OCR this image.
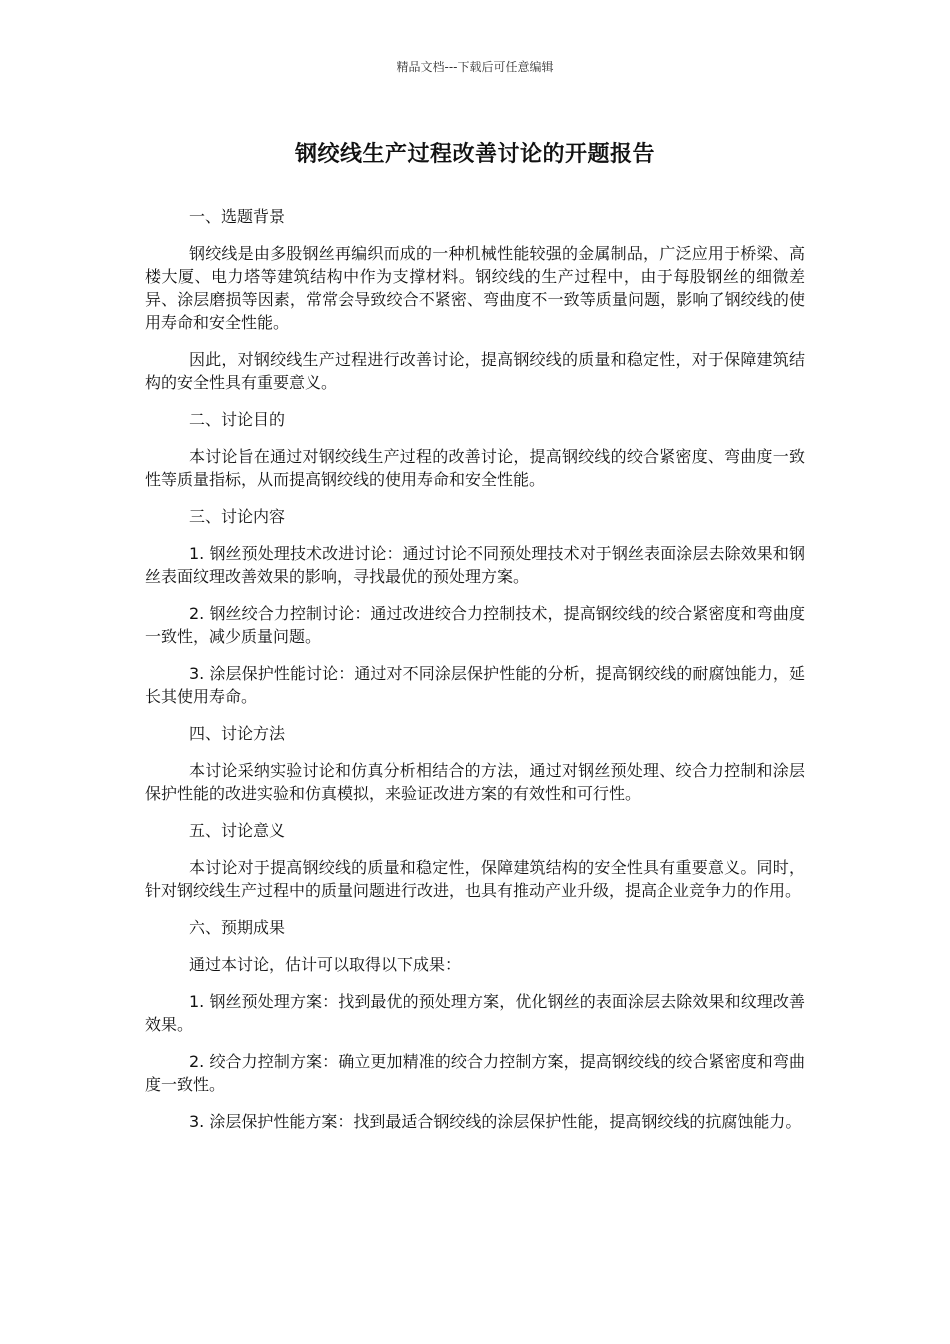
精品文档---下载后可任意编辑
钢绞线生产过程改善讨论的开题报告

一、选题背景

钢绞线是由多股钢丝再编织而成的一种机械性能较强的金属制品，广泛应用于桥梁、高楼大厦、电力塔等建筑结构中作为支撑材料。钢绞线的生产过程中，由于每股钢丝的细微差异、涂层磨损等因素，常常会导致绞合不紧密、弯曲度不一致等质量问题，影响了钢绞线的使用寿命和安全性能。

因此，对钢绞线生产过程进行改善讨论，提高钢绞线的质量和稳定性，对于保障建筑结构的安全性具有重要意义。

二、讨论目的

本讨论旨在通过对钢绞线生产过程的改善讨论，提高钢绞线的绞合紧密度、弯曲度一致性等质量指标，从而提高钢绞线的使用寿命和安全性能。

三、讨论内容

1. 钢丝预处理技术改进讨论：通过讨论不同预处理技术对于钢丝表面涂层去除效果和钢丝表面纹理改善效果的影响，寻找最优的预处理方案。

2. 钢丝绞合力控制讨论：通过改进绞合力控制技术，提高钢绞线的绞合紧密度和弯曲度一致性，减少质量问题。

3. 涂层保护性能讨论：通过对不同涂层保护性能的分析，提高钢绞线的耐腐蚀能力，延长其使用寿命。

四、讨论方法

本讨论采纳实验讨论和仿真分析相结合的方法，通过对钢丝预处理、绞合力控制和涂层保护性能的改进实验和仿真模拟，来验证改进方案的有效性和可行性。

五、讨论意义

本讨论对于提高钢绞线的质量和稳定性，保障建筑结构的安全性具有重要意义。同时，针对钢绞线生产过程中的质量问题进行改进，也具有推动产业升级，提高企业竞争力的作用。

六、预期成果

通过本讨论，估计可以取得以下成果：

1. 钢丝预处理方案：找到最优的预处理方案，优化钢丝的表面涂层去除效果和纹理改善效果。

2. 绞合力控制方案：确立更加精准的绞合力控制方案，提高钢绞线的绞合紧密度和弯曲度一致性。

3. 涂层保护性能方案：找到最适合钢绞线的涂层保护性能，提高钢绞线的抗腐蚀能力。
